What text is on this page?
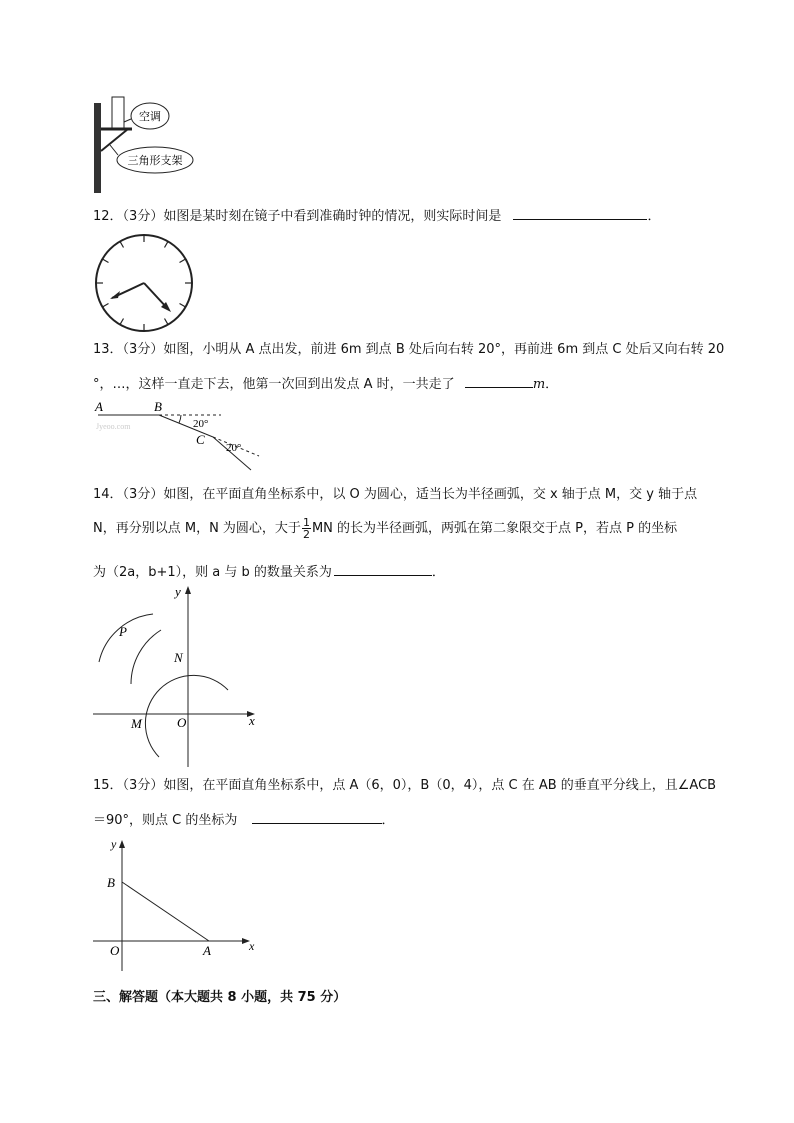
空调
三角形支架
12．（3分）如图是某时刻在镜子中看到准确时钟的情况，则实际时间是	．
13．（3分）如图，小明从 A 点出发，前进 6m 到点 B 处后向右转 20°，再前进 6m 到点 C 处后又向右转 20
°，…，这样一直走下去，他第一次回到出发点 A 时，一共走了	m．
A	B
20°
C
20°
Jyeoo.com
14．（3分）如图，在平面直角坐标系中，以 O 为圆心，适当长为半径画弧，交 x 轴于点 M，交 y 轴于点
N，再分别以点 M，N 为圆心，大于 $\frac{1}{2}$ MN 的长为半径画弧，两弧在第二象限交于点 P，若点 P 的坐标
为（2a，b+1），则 a 与 b 的数量关系为	．
y
x
O
M
N
P
15．（3分）如图，在平面直角坐标系中，点 A（6，0），B（0，4），点 C 在 AB 的垂直平分线上，且∠ACB
＝90°，则点 C 的坐标为	．
y
B
O	A	x
三、解答题（本大题共 8 小题，共 75 分）
